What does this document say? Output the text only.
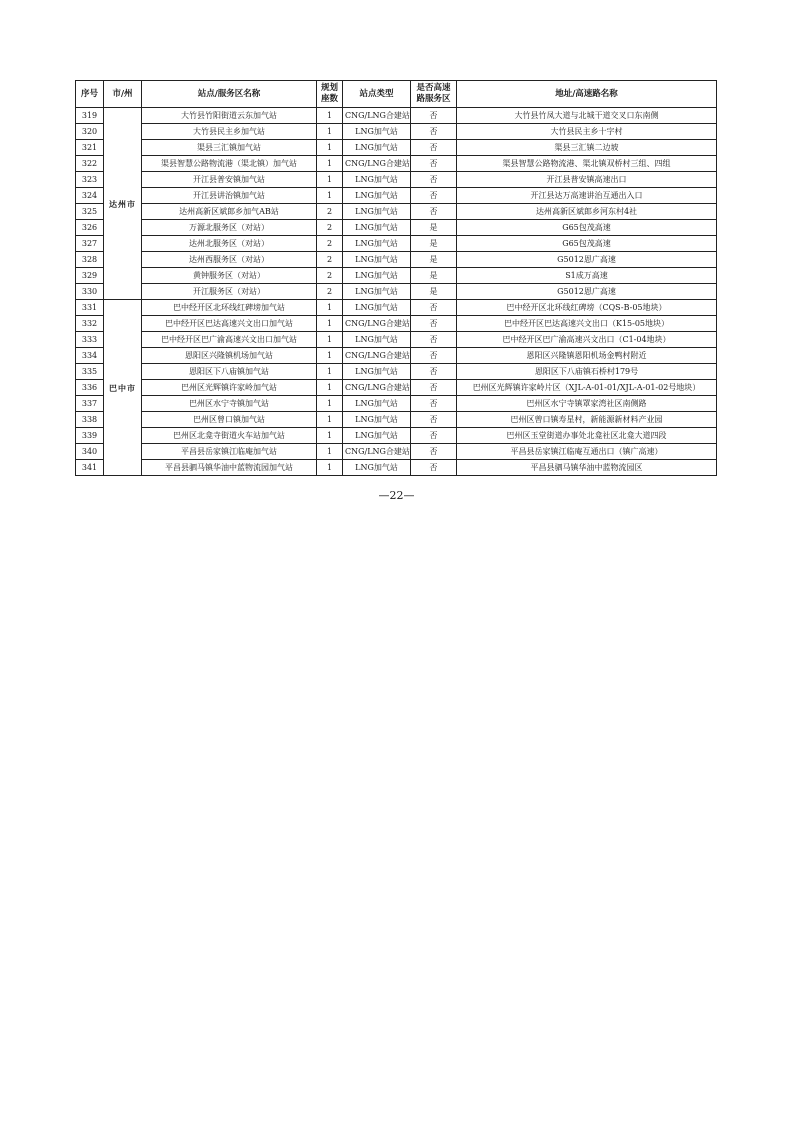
序号	市/州	站点/服务区名称	规划座数	站点类型	是否高速路服务区	地址/高速路名称
319	达州市	大竹县竹阳街道云东加气站	1	CNG/LNG合建站	否	大竹县竹凤大道与北城干道交叉口东南侧
320		大竹县民主乡加气站	1	LNG加气站	否	大竹县民主乡十字村
321		渠县三汇镇加气站	1	LNG加气站	否	渠县三汇镇二边坡
322		渠县智慧公路物流港（渠北镇）加气站	1	CNG/LNG合建站	否	渠县智慧公路物流港、渠北镇双桥村三组、四组
323		开江县普安镇加气站	1	LNG加气站	否	开江县普安镇高速出口
324		开江县讲治镇加气站	1	LNG加气站	否	开江县达万高速讲治互通出入口
325		达州高新区斌郎乡加气AB站	2	LNG加气站	否	达州高新区斌郎乡河东村4社
326		万源北服务区（对站）	2	LNG加气站	是	G65包茂高速
327		达州北服务区（对站）	2	LNG加气站	是	G65包茂高速
328		达州西服务区（对站）	2	LNG加气站	是	G5012恩广高速
329		黄钟服务区（对站）	2	LNG加气站	是	S1成万高速
330		开江服务区（对站）	2	LNG加气站	是	G5012恩广高速
331	巴中市	巴中经开区北环线红碑塝加气站	1	LNG加气站	否	巴中经开区北环线红碑塝（CQS-B-05地块）
332		巴中经开区巴达高速兴文出口加气站	1	CNG/LNG合建站	否	巴中经开区巴达高速兴文出口（K15-05地块）
333		巴中经开区巴广渝高速兴文出口加气站	1	LNG加气站	否	巴中经开区巴广渝高速兴文出口（C1-04地块）
334		恩阳区兴隆镇机场加气站	1	CNG/LNG合建站	否	恩阳区兴隆镇恩阳机场金鸭村附近
335		恩阳区下八庙镇加气站	1	LNG加气站	否	恩阳区下八庙镇石桥村179号
336		巴州区光辉镇许家岭加气站	1	CNG/LNG合建站	否	巴州区光辉镇许家岭片区（XJL-A-01-01/XJL-A-01-02号地块）
337		巴州区水宁寺镇加气站	1	LNG加气站	否	巴州区水宁寺镇罩家湾社区南侧路
338		巴州区曾口镇加气站	1	LNG加气站	否	巴州区曾口镇寿星村，新能源新材料产业园
339		巴州区北龛寺街道火车站加气站	1	LNG加气站	否	巴州区玉堂街道办事处北龛社区北龛大道四段
340		平昌县岳家镇江临庵加气站	1	CNG/LNG合建站	否	平昌县岳家镇江临庵互通出口（镇广高速）
341		平昌县驷马镇华油中蓝物流园加气站	1	LNG加气站	否	平昌县驷马镇华油中蓝物流园区
—22—
